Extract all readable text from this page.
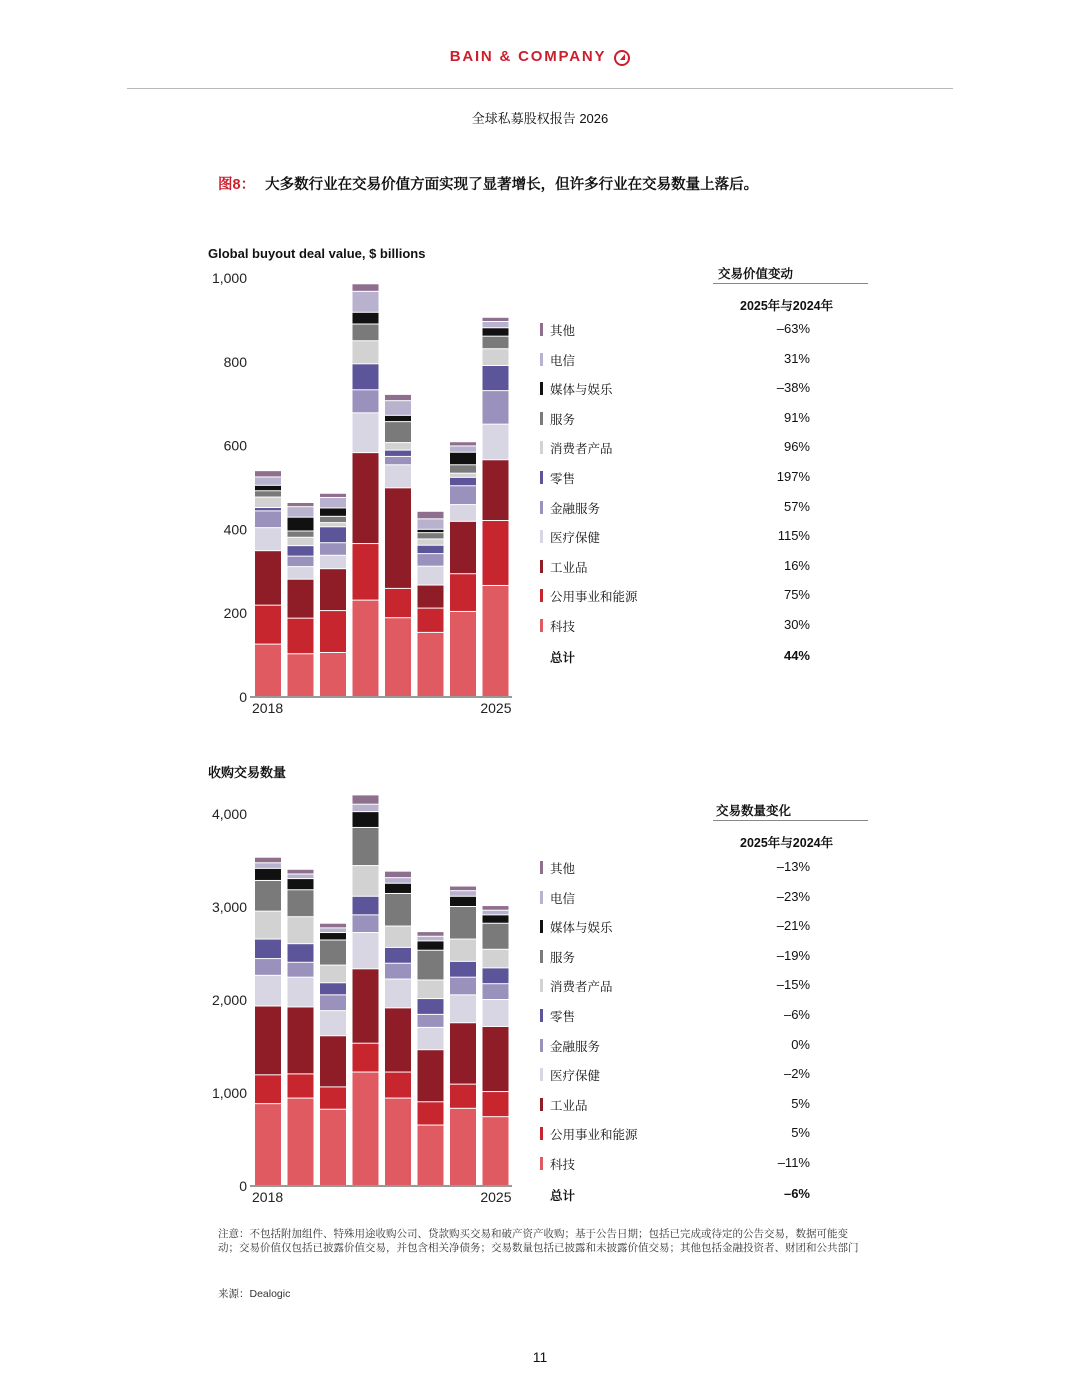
BAIN & COMPANY
全球私募股权报告 2026
图8： 大多数行业在交易价值方面实现了显著增长，但许多行业在交易数量上落后。
Global buyout deal value, $ billions
0
200
400
600
800
1,000
2018	2025
交易价值变动
2025年与2024年
其他	–63%
电信	31%
媒体与娱乐	–38%
服务	91%
消费者产品	96%
零售	197%
金融服务	57%
医疗保健	115%
工业品	16%
公用事业和能源	75%
科技	30%
总计	44%
收购交易数量
0
1,000
2,000
3,000
4,000
2018	2025
交易数量变化
2025年与2024年
其他	–13%
电信	–23%
媒体与娱乐	–21%
服务	–19%
消费者产品	–15%
零售	–6%
金融服务	0%
医疗保健	–2%
工业品	5%
公用事业和能源	5%
科技	–11%
总计	–6%
注意：不包括附加组件、特殊用途收购公司、贷款购买交易和破产资产收购；基于公告日期；包括已完成或待定的公告交易，数据可能变动；交易价值仅包括已披露价值交易，并包含相关净债务；交易数量包括已披露和未披露价值交易；其他包括金融投资者、财团和公共部门
来源：Dealogic
11
